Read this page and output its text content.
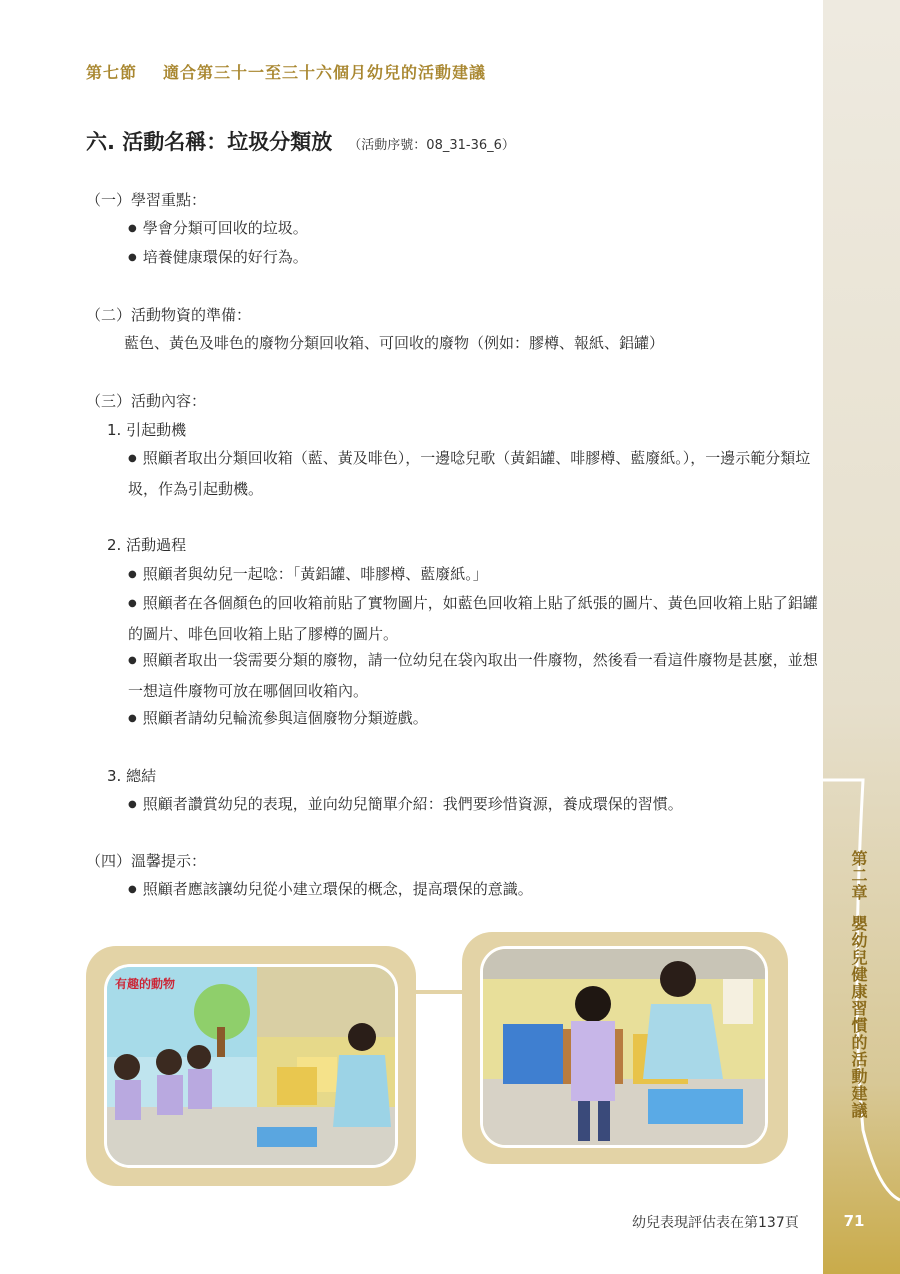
第七節 適合第三十一至三十六個月幼兒的活動建議
六. 活動名稱：垃圾分類放 （活動序號：08_31-36_6）
（一）學習重點：
● 學會分類可回收的垃圾。
● 培養健康環保的好行為。
（二）活動物資的準備：
藍色、黃色及啡色的廢物分類回收箱、可回收的廢物（例如：膠樽、報紙、鋁罐）
（三）活動內容：
1. 引起動機
● 照顧者取出分類回收箱（藍、黃及啡色），一邊唸兒歌（黃鋁罐、啡膠樽、藍廢紙。），一邊示範分類垃圾，作為引起動機。
2. 活動過程
● 照顧者與幼兒一起唸：「黃鋁罐、啡膠樽、藍廢紙。」
● 照顧者在各個顏色的回收箱前貼了實物圖片，如藍色回收箱上貼了紙張的圖片、黃色回收箱上貼了鋁罐的圖片、啡色回收箱上貼了膠樽的圖片。
● 照顧者取出一袋需要分類的廢物，請一位幼兒在袋內取出一件廢物，然後看一看這件廢物是甚麼，並想一想這件廢物可放在哪個回收箱內。
● 照顧者請幼兒輪流參與這個廢物分類遊戲。
3. 總結
● 照顧者讚賞幼兒的表現，並向幼兒簡單介紹：我們要珍惜資源，養成環保的習慣。
（四）溫馨提示：
● 照顧者應該讓幼兒從小建立環保的概念，提高環保的意識。
有趣的動物
第二章嬰幼兒健康習慣的活動建議
幼兒表現評估表在第137頁	71
